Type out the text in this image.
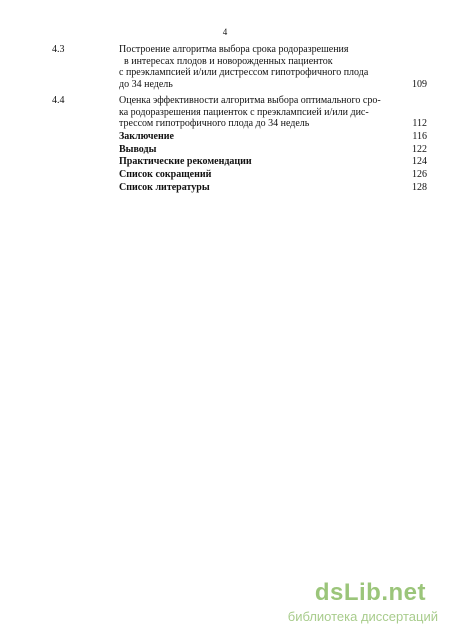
4
4.3	Построение алгоритма выбора срока родоразрешения
в интересах плодов и новорожденных пациенток
с преэклампсией и/или дистрессом гипотрофичного плода
до 34 недель	109
4.4	Оценка эффективности алгоритма выбора оптимального сро-
ка родоразрешения пациенток с преэклампсией и/или дис-
трессом гипотрофичного плода до 34 недель	112
Заключение	116
Выводы	122
Практические рекомендации	124
Список сокращений	126
Список литературы	128
dsLib.net
библиотека диссертаций
